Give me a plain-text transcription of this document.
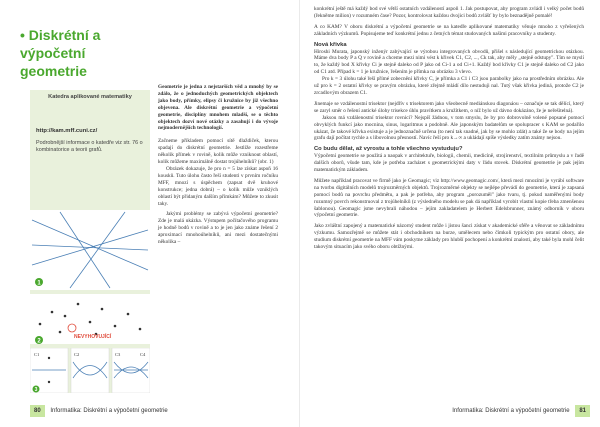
• Diskrétní a výpočetní geometrie
Katedra aplikované matematiky
http://kam.mff.cuni.cz/
Podrobnější informace o katedře viz str. 76 o kombinatorice a teorii grafů.
1
NEVYHOVUJÍCÍ
2
C1	C2	C3	C4
3

Geometrie je jedna z nejstarších věd a mnohý by se zdálo, že o jednoduchých geometrických objektech jako body, přímky, elipsy či kružnice by již všechno objevena. Ale diskrétní geometrie a výpočetní geometrie, disciplíny mnohem mladší, se o těchto objektech dozví nové otázky a zasahují i do vývoje nejmodernějších technologií.

Začneme příkladem pomocí sítě dlaždiček, kterou spadají do diskrétní geometrie. Jestliže rozestřeme několik přímek v rovině, kolik může vzniknout oblastí, kolik můžeme maximálně dostat trojúhelníků? (obr. 1)

Obrázek dokazuje, že pro n = 5 lze získat aspoň 16 kousků. Tuto úlohu často řeší studenti v prvním ročníku MFF, mnozí s úspěchem (zapsat dvě kruhové konstrukce; jedna dobrá) – o kolik může vzniklých oblastí být přidaným dalším přímkám? Můžete to zkusit taky.

Jakými problémy se zabývá výpočetní geometrie? Zde je malá ukázka. Výstupem počítačového programu je hodně bodů v rovině a to je jen jako známe řešení 2 aproximací mnohoúhelníků, ani mezi dostatečnými několika –

80 Informatika: Diskrétní a výpočetní geometrie

konkrétní ještě má každý bod své větší ostatních vzdáleností aspoň 1. Jak postupovat, aby program zvládl i velký počet bodů (řekněme milion) v rozumném čase? Pozor, kontrolovat každou dvojici bodů zvlášť by bylo beznadějně pomalé!

A co KAM? V oboru diskrétní a výpočetní geometrie se na katedře aplikované matematiky věnuje mnoho z vyřešených základních výzkumů. Popisujeme teď konkrétní jednu z četných témat studovaných našimi pracovníky a studenty.

Nová křivka

Hiroshi Murata, japonský inženýr zabývající se výrobou integrovaných obvodů, přišel s následující geometrickou otázkou. Máme dva body P a Q v rovině a chceme mezi nimi vést k křivek C1, C2, ..., Ck tak, aby měly „stejně odstupy". Tím se myslí to, že každý bod X křivky Ci je stejně daleko od P jako od Ci-1 a od Ci+1. Každý bod křivky C1 je stejně daleko od C2 jako od C1 atd. Případ k = 1 je kružnice, řešením je přímka na obrázku 3 vlevo.

Pro k = 3 úlohu také řeší přímé zobecnění křivky C, je přímka a C1 i C3 jsou parabolky jako na prostředním obrázku. Ale už pro k = 2 ostatní křivky se pravým obrázku, které zřejmě mládí dílo nestuduji nal. Tutý však křivka jediná, protože C2 je zrcadlovým obrazem C1.

Jinemaje se vzdálenostní trisektor (nejdřív s trisektorem jako všeobecně mediánskou diagonáou – označuje se tak dělící, který se zaryl směr o řešení antické úlohy trisekce úhlu pravítkem a kružítkem, o níž bylo už dávno dokázáno, že je neřešitelná).

Jaksou má vzdálenostní trisektor rovnici? Nejspíš žádnou, v tom smyslu, že by pro dobrovolně volené popsané pomocí obvyklých funkcí jako mocnina, sinus, logaritmus a podobně. Ale japonským badatelům se spolupracer s KAM se podařilo ukázat, že takové křivka existuje a je jednoznačně určena (to není tak snadné, jak by se mohlo zdát) a také že se body na jejím grafu dají počítat rychle a s libovolnou přesností. Navíc řeší pro k→∞ a ukládají spíše výsledky zatím známy nejsou.

Co budu dělat, až vyrostu a tohle všechno vystuduju?

Výpočetní geometrie se použitá a naopak v architektuře, biologii, chemii, medicíně, strojírenství, textilním průmyslu a v řadě dalších oborů, všude tam, kde je potřeba zacházet s geometrickými daty v řádu stovek. Diskrétní geometrie je pak jejím matematickým základem.

Můžete například pracovat ve firmě jako je Geomagic; viz http://www.geomagic.com/, která mezi mnozími je vyrábí software na tvorbu digitálních modelů trojrozměrných objektů. Trojrozměrné objekty se nejlépe převádí do geometrie, která je zapsaná pomocí bodů na povrchu předmětu, a pak je potřeba, aby program „porozuměl" jako tvaru, tj. pokud naměřenými body rozumný povrch rekonstruoval z trojúhelníků (z výsledného modelu se pak dá například vyrobit vlastní kopie třeba zmenšenou šablonou). Geomagic jsme nevybrali náhodou – jejím zakladatelem je Herbert Edelsbrunner, známý odborník v oboru výpočetní geometrie.

Jako zvláštní zapojený a matematické názorný student může i jistou šanci získat v akademické sféře a věnovat se základnímu výzkumu. Samozřejmě se můžete stát i obchodníkem na burze, umělecem nebo čímkoli typickým pro ostatní obory, ale studium diskrétní geometrie na MFF vám poskytne základy pro hlubší pochopení a konkrétní znalosti, aby také byla mohl čelit takovým situacím jako svého oboru obtížnými.

Informatika: Diskrétní a výpočetní geometrie 81
